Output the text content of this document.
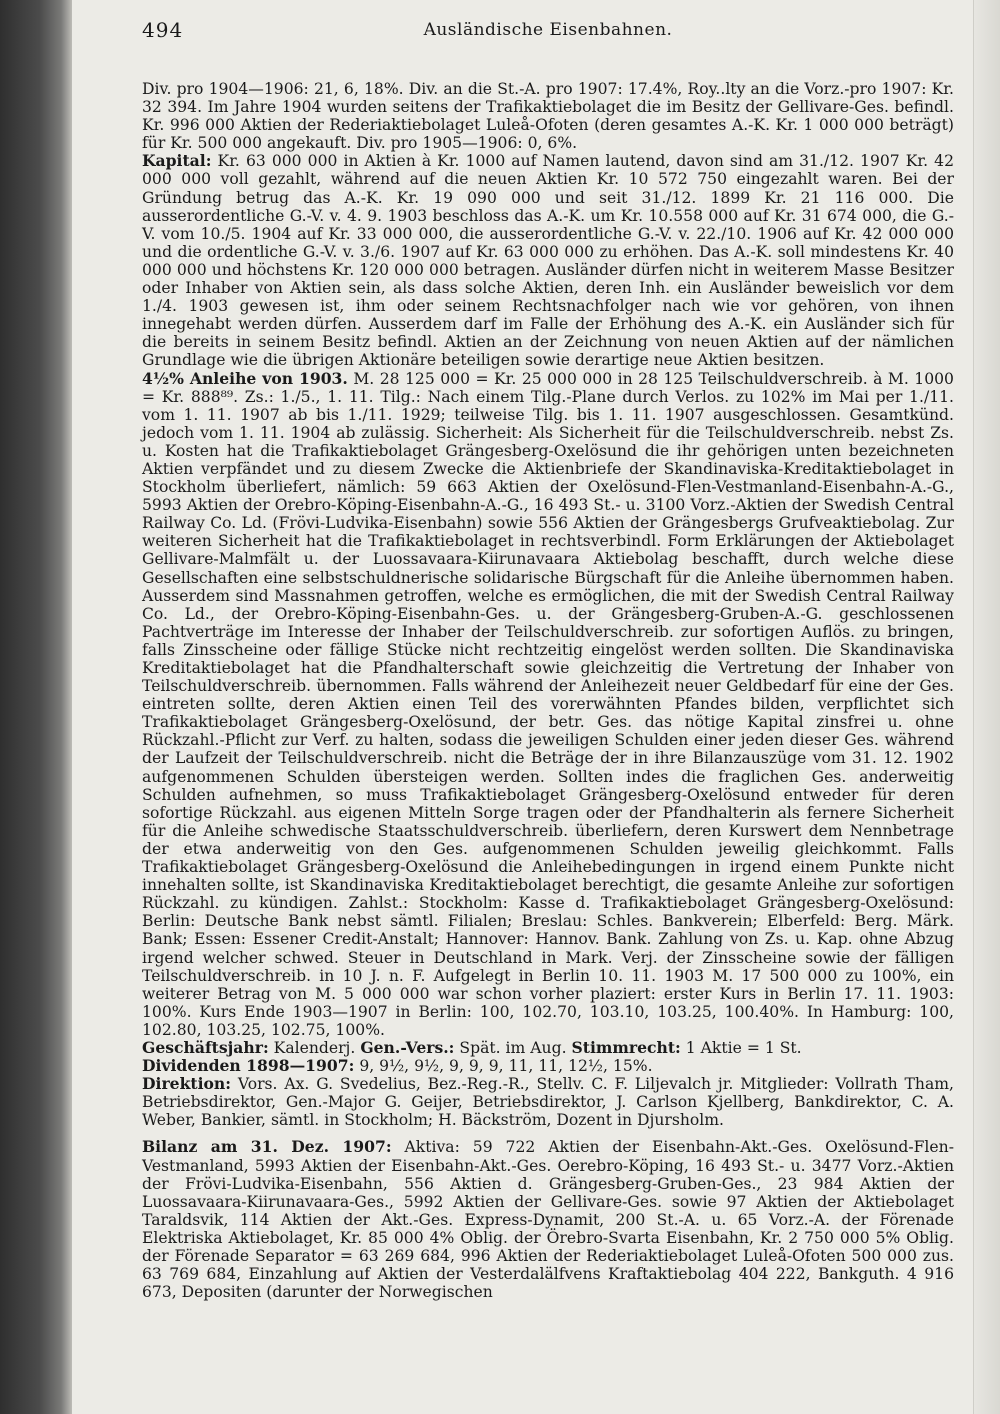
494	Ausländische Eisenbahnen.

Div. pro 1904—1906: 21, 6, 18%. Div. an die St.-A. pro 1907: 17.4%, Roy..lty an die Vorz.-pro 1907: Kr. 32 394. Im Jahre 1904 wurden seitens der Trafikaktiebolaget die im Besitz der Gellivare-Ges. befindl. Kr. 996 000 Aktien der Rederiaktiebolaget Luleå-Ofoten (deren gesamtes A.-K. Kr. 1 000 000 beträgt) für Kr. 500 000 angekauft. Div. pro 1905—1906: 0, 6%.

Kapital: Kr. 63 000 000 in Aktien à Kr. 1000 auf Namen lautend, davon sind am 31./12. 1907 Kr. 42 000 000 voll gezahlt, während auf die neuen Aktien Kr. 10 572 750 eingezahlt waren. Bei der Gründung betrug das A.-K. Kr. 19 090 000 und seit 31./12. 1899 Kr. 21 116 000. Die ausserordentliche G.-V. v. 4. 9. 1903 beschloss das A.-K. um Kr. 10.558 000 auf Kr. 31 674 000, die G.-V. vom 10./5. 1904 auf Kr. 33 000 000, die ausserordentliche G.-V. v. 22./10. 1906 auf Kr. 42 000 000 und die ordentliche G.-V. v. 3./6. 1907 auf Kr. 63 000 000 zu erhöhen. Das A.-K. soll mindestens Kr. 40 000 000 und höchstens Kr. 120 000 000 betragen. Ausländer dürfen nicht in weiterem Masse Besitzer oder Inhaber von Aktien sein, als dass solche Aktien, deren Inh. ein Ausländer beweislich vor dem 1./4. 1903 gewesen ist, ihm oder seinem Rechtsnachfolger nach wie vor gehören, von ihnen innegehabt werden dürfen. Ausserdem darf im Falle der Erhöhung des A.-K. ein Ausländer sich für die bereits in seinem Besitz befindl. Aktien an der Zeichnung von neuen Aktien auf der nämlichen Grundlage wie die übrigen Aktionäre beteiligen sowie derartige neue Aktien besitzen.

4½% Anleihe von 1903. M. 28 125 000 = Kr. 25 000 000 in 28 125 Teilschuldverschreib. à M. 1000 = Kr. 888⁸⁹. Zs.: 1./5., 1. 11. Tilg.: Nach einem Tilg.-Plane durch Verlos. zu 102% im Mai per 1./11. vom 1. 11. 1907 ab bis 1./11. 1929; teilweise Tilg. bis 1. 11. 1907 ausgeschlossen. Gesamtkünd. jedoch vom 1. 11. 1904 ab zulässig. Sicherheit: Als Sicherheit für die Teilschuldverschreib. nebst Zs. u. Kosten hat die Trafikaktiebolaget Grängesberg-Oxelösund die ihr gehörigen unten bezeichneten Aktien verpfändet und zu diesem Zwecke die Aktienbriefe der Skandinaviska-Kreditaktiebolaget in Stockholm überliefert, nämlich: 59 663 Aktien der Oxelösund-Flen-Vestmanland-Eisenbahn-A.-G., 5993 Aktien der Orebro-Köping-Eisenbahn-A.-G., 16 493 St.- u. 3100 Vorz.-Aktien der Swedish Central Railway Co. Ld. (Frövi-Ludvika-Eisenbahn) sowie 556 Aktien der Grängesbergs Grufveaktiebolag. Zur weiteren Sicherheit hat die Trafikaktiebolaget in rechtsverbindl. Form Erklärungen der Aktiebolaget Gellivare-Malmfält u. der Luossavaara-Kiirunavaara Aktiebolag beschafft, durch welche diese Gesellschaften eine selbstschuldnerische solidarische Bürgschaft für die Anleihe übernommen haben. Ausserdem sind Massnahmen getroffen, welche es ermöglichen, die mit der Swedish Central Railway Co. Ld., der Orebro-Köping-Eisenbahn-Ges. u. der Grängesberg-Gruben-A.-G. geschlossenen Pachtverträge im Interesse der Inhaber der Teilschuldverschreib. zur sofortigen Auflös. zu bringen, falls Zinsscheine oder fällige Stücke nicht rechtzeitig eingelöst werden sollten. Die Skandinaviska Kreditaktiebolaget hat die Pfandhalterschaft sowie gleichzeitig die Vertretung der Inhaber von Teilschuldverschreib. übernommen. Falls während der Anleihezeit neuer Geldbedarf für eine der Ges. eintreten sollte, deren Aktien einen Teil des vorerwähnten Pfandes bilden, verpflichtet sich Trafikaktiebolaget Grängesberg-Oxelösund, der betr. Ges. das nötige Kapital zinsfrei u. ohne Rückzahl.-Pflicht zur Verf. zu halten, sodass die jeweiligen Schulden einer jeden dieser Ges. während der Laufzeit der Teilschuldverschreib. nicht die Beträge der in ihre Bilanzauszüge vom 31. 12. 1902 aufgenommenen Schulden übersteigen werden. Sollten indes die fraglichen Ges. anderweitig Schulden aufnehmen, so muss Trafikaktiebolaget Grängesberg-Oxelösund entweder für deren sofortige Rückzahl. aus eigenen Mitteln Sorge tragen oder der Pfandhalterin als fernere Sicherheit für die Anleihe schwedische Staatsschuldverschreib. überliefern, deren Kurswert dem Nennbetrage der etwa anderweitig von den Ges. aufgenommenen Schulden jeweilig gleichkommt. Falls Trafikaktiebolaget Grängesberg-Oxelösund die Anleihebedingungen in irgend einem Punkte nicht innehalten sollte, ist Skandinaviska Kreditaktiebolaget berechtigt, die gesamte Anleihe zur sofortigen Rückzahl. zu kündigen. Zahlst.: Stockholm: Kasse d. Trafikaktiebolaget Grängesberg-Oxelösund: Berlin: Deutsche Bank nebst sämtl. Filialen; Breslau: Schles. Bankverein; Elberfeld: Berg. Märk. Bank; Essen: Essener Credit-Anstalt; Hannover: Hannov. Bank. Zahlung von Zs. u. Kap. ohne Abzug irgend welcher schwed. Steuer in Deutschland in Mark. Verj. der Zinsscheine sowie der fälligen Teilschuldverschreib. in 10 J. n. F. Aufgelegt in Berlin 10. 11. 1903 M. 17 500 000 zu 100%, ein weiterer Betrag von M. 5 000 000 war schon vorher plaziert: erster Kurs in Berlin 17. 11. 1903: 100%. Kurs Ende 1903—1907 in Berlin: 100, 102.70, 103.10, 103.25, 100.40%. In Hamburg: 100, 102.80, 103.25, 102.75, 100%.

Geschäftsjahr: Kalenderj. Gen.-Vers.: Spät. im Aug. Stimmrecht: 1 Aktie = 1 St.

Dividenden 1898—1907: 9, 9½, 9½, 9, 9, 9, 11, 11, 12½, 15%.

Direktion: Vors. Ax. G. Svedelius, Bez.-Reg.-R., Stellv. C. F. Liljevalch jr. Mitglieder: Vollrath Tham, Betriebsdirektor, Gen.-Major G. Geijer, Betriebsdirektor, J. Carlson Kjellberg, Bankdirektor, C. A. Weber, Bankier, sämtl. in Stockholm; H. Bäckström, Dozent in Djursholm.

Bilanz am 31. Dez. 1907: Aktiva: 59 722 Aktien der Eisenbahn-Akt.-Ges. Oxelösund-Flen-Vestmanland, 5993 Aktien der Eisenbahn-Akt.-Ges. Oerebro-Köping, 16 493 St.- u. 3477 Vorz.-Aktien der Frövi-Ludvika-Eisenbahn, 556 Aktien d. Grängesberg-Gruben-Ges., 23 984 Aktien der Luossavaara-Kiirunavaara-Ges., 5992 Aktien der Gellivare-Ges. sowie 97 Aktien der Aktiebolaget Taraldsvik, 114 Aktien der Akt.-Ges. Express-Dynamit, 200 St.-A. u. 65 Vorz.-A. der Förenade Elektriska Aktiebolaget, Kr. 85 000 4% Oblig. der Örebro-Svarta Eisenbahn, Kr. 2 750 000 5% Oblig. der Förenade Separator = 63 269 684, 996 Aktien der Rederiaktiebolaget Luleå-Ofoten 500 000 zus. 63 769 684, Einzahlung auf Aktien der Vesterdalälfvens Kraftaktiebolag 404 222, Bankguth. 4 916 673, Depositen (darunter der Norwegischen
